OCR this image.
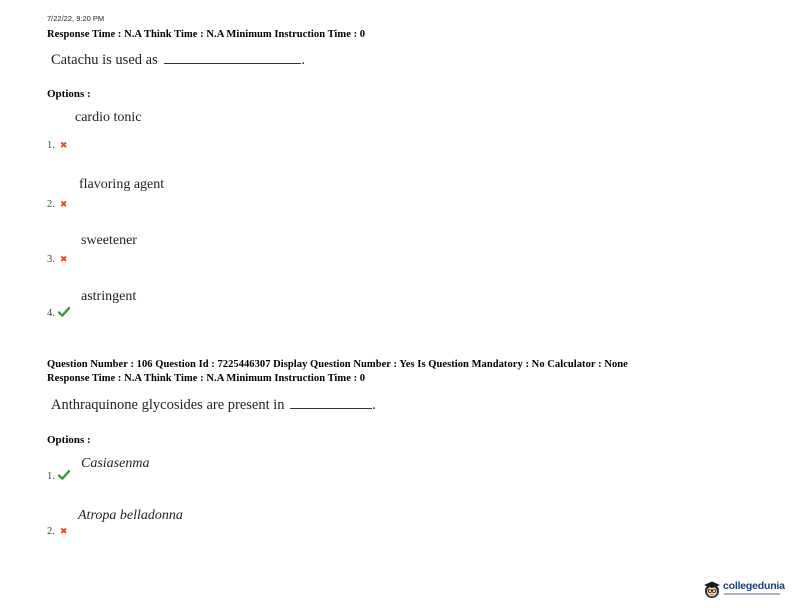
7/22/22, 9:20 PM
Response Time : N.A Think Time : N.A Minimum Instruction Time : 0
Catachu is used as	.
Options :
cardio tonic
1. ✖
flavoring agent
2. ✖
sweetener
3. ✖
astringent
4.
Question Number : 106 Question Id : 7225446307 Display Question Number : Yes Is Question Mandatory : No Calculator : None
Response Time : N.A Think Time : N.A Minimum Instruction Time : 0
Anthraquinone glycosides are present in	.
Options :
Casiasenma
1.
Atropa belladonna
2. ✖
collegedunia
